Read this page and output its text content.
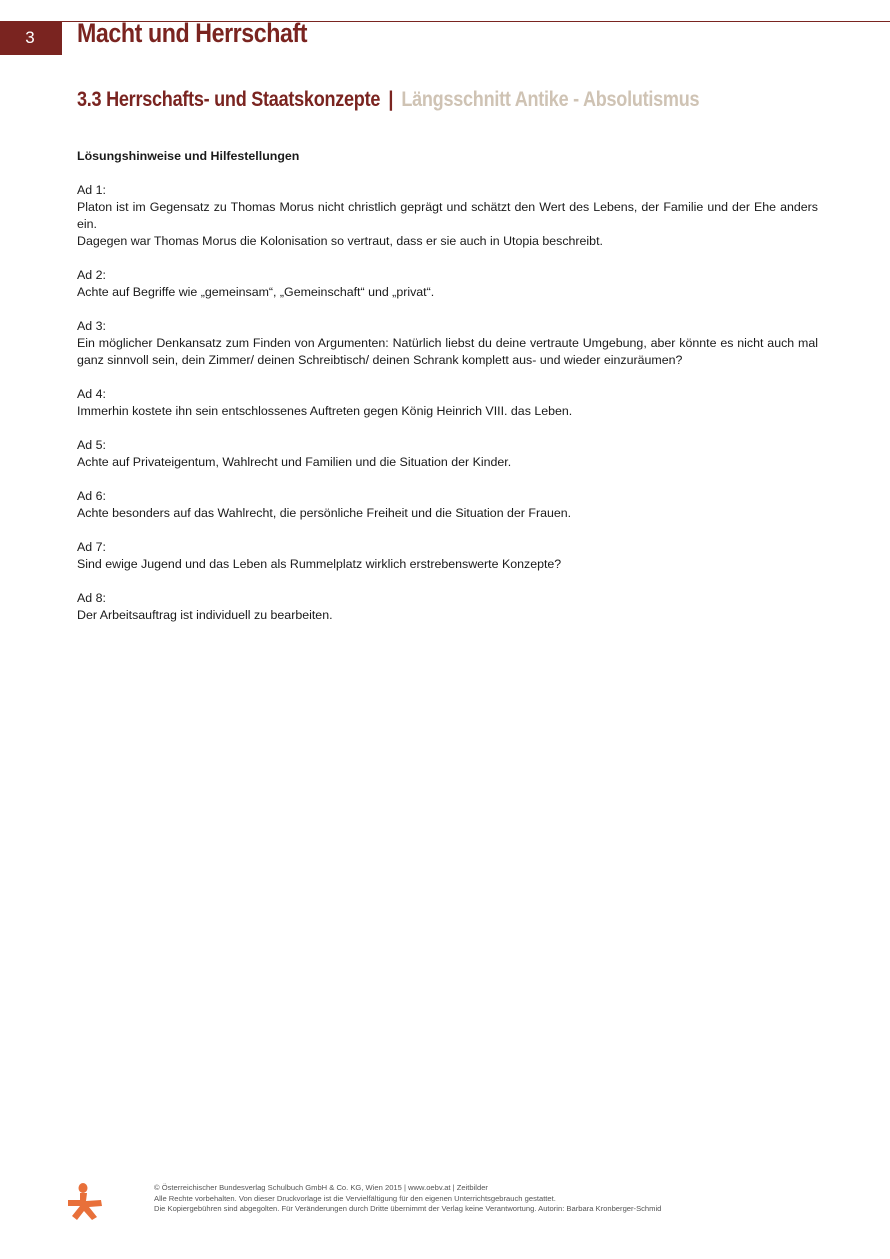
3 Macht und Herrschaft
3.3 Herrschafts- und Staatskonzepte | Längsschnitt Antike - Absolutismus
Lösungshinweise und Hilfestellungen
Ad 1:

Platon ist im Gegensatz zu Thomas Morus nicht christlich geprägt und schätzt den Wert des Lebens, der Familie und der Ehe anders ein.

Dagegen war Thomas Morus die Kolonisation so vertraut, dass er sie auch in Utopia beschreibt.

Ad 2:

Achte auf Begriffe wie „gemeinsam“, „Gemeinschaft“ und „privat“.

Ad 3:

Ein möglicher Denkansatz zum Finden von Argumenten: Natürlich liebst du deine vertraute Umgebung, aber könnte es nicht auch mal ganz sinnvoll sein, dein Zimmer/ deinen Schreibtisch/ deinen Schrank komplett aus- und wieder einzuräumen?

Ad 4:

Immerhin kostete ihn sein entschlossenes Auftreten gegen König Heinrich VIII. das Leben.

Ad 5:

Achte auf Privateigentum, Wahlrecht und Familien und die Situation der Kinder.

Ad 6:

Achte besonders auf das Wahlrecht, die persönliche Freiheit und die Situation der Frauen.

Ad 7:

Sind ewige Jugend und das Leben als Rummelplatz wirklich erstrebenswerte Konzepte?

Ad 8:

Der Arbeitsauftrag ist individuell zu bearbeiten.

© Österreichischer Bundesverlag Schulbuch GmbH & Co. KG, Wien 2015 | www.oebv.at | Zeitbilder
Alle Rechte vorbehalten. Von dieser Druckvorlage ist die Vervielfältigung für den eigenen Unterrichtsgebrauch gestattet.
Die Kopiergebühren sind abgegolten. Für Veränderungen durch Dritte übernimmt der Verlag keine Verantwortung. Autorin: Barbara Kronberger-Schmid
